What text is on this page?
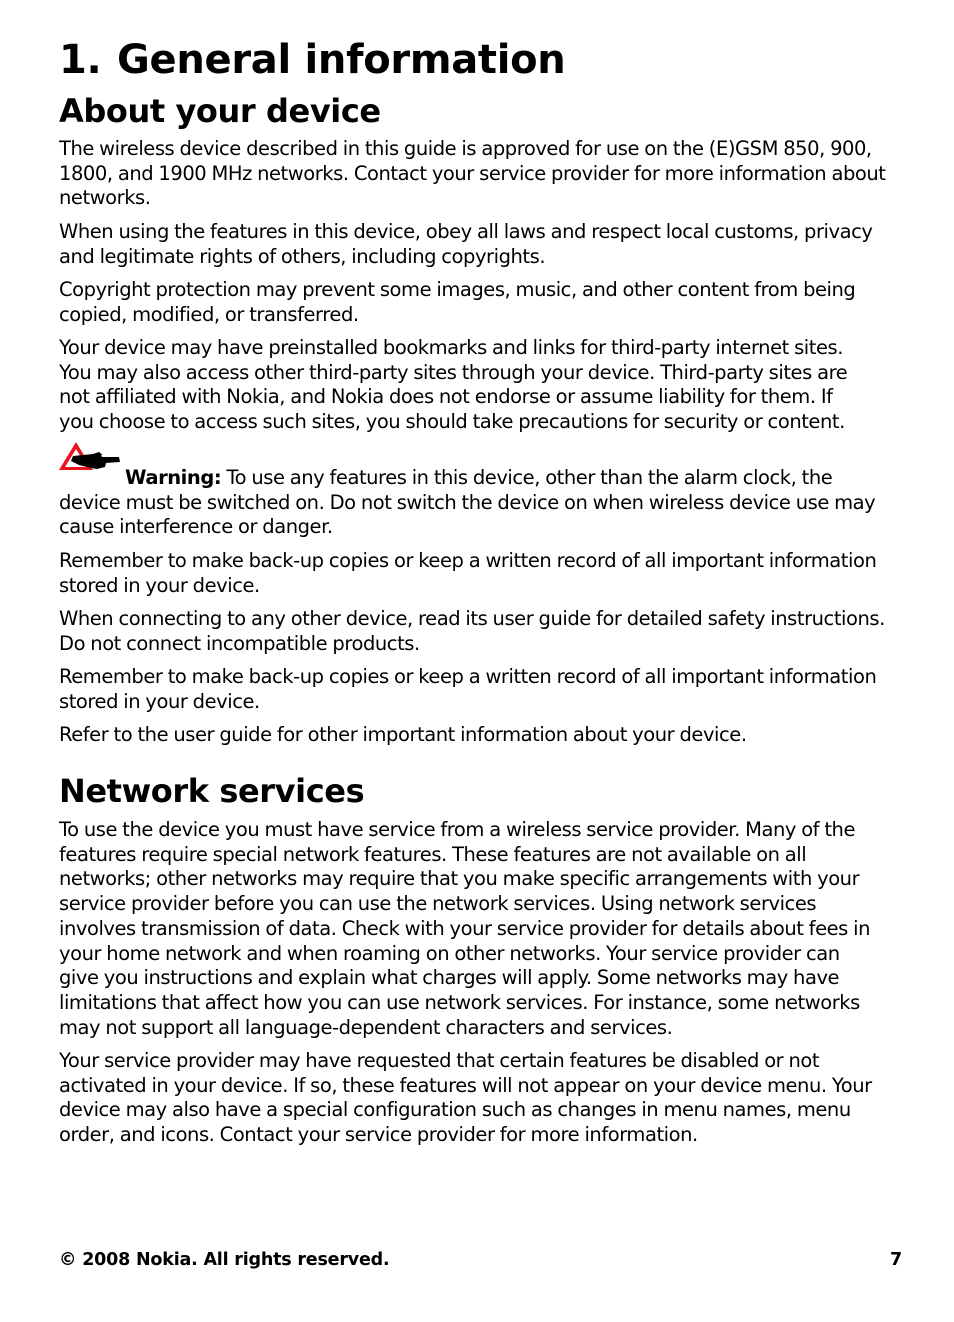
1. General information
About your device

The wireless device described in this guide is approved for use on the (E)GSM 850, 900,
1800, and 1900 MHz networks. Contact your service provider for more information about
networks.

When using the features in this device, obey all laws and respect local customs, privacy
and legitimate rights of others, including copyrights.

Copyright protection may prevent some images, music, and other content from being
copied, modified, or transferred.

Your device may have preinstalled bookmarks and links for third-party internet sites.
You may also access other third-party sites through your device. Third-party sites are
not affiliated with Nokia, and Nokia does not endorse or assume liability for them. If
you choose to access such sites, you should take precautions for security or content.

Warning: To use any features in this device, other than the alarm clock, the
device must be switched on. Do not switch the device on when wireless device use may
cause interference or danger.

Remember to make back-up copies or keep a written record of all important information
stored in your device.

When connecting to any other device, read its user guide for detailed safety instructions.
Do not connect incompatible products.

Remember to make back-up copies or keep a written record of all important information
stored in your device.

Refer to the user guide for other important information about your device.

Network services

To use the device you must have service from a wireless service provider. Many of the
features require special network features. These features are not available on all
networks; other networks may require that you make specific arrangements with your
service provider before you can use the network services. Using network services
involves transmission of data. Check with your service provider for details about fees in
your home network and when roaming on other networks. Your service provider can
give you instructions and explain what charges will apply. Some networks may have
limitations that affect how you can use network services. For instance, some networks
may not support all language-dependent characters and services.

Your service provider may have requested that certain features be disabled or not
activated in your device. If so, these features will not appear on your device menu. Your
device may also have a special configuration such as changes in menu names, menu
order, and icons. Contact your service provider for more information.

© 2008 Nokia. All rights reserved.	7
